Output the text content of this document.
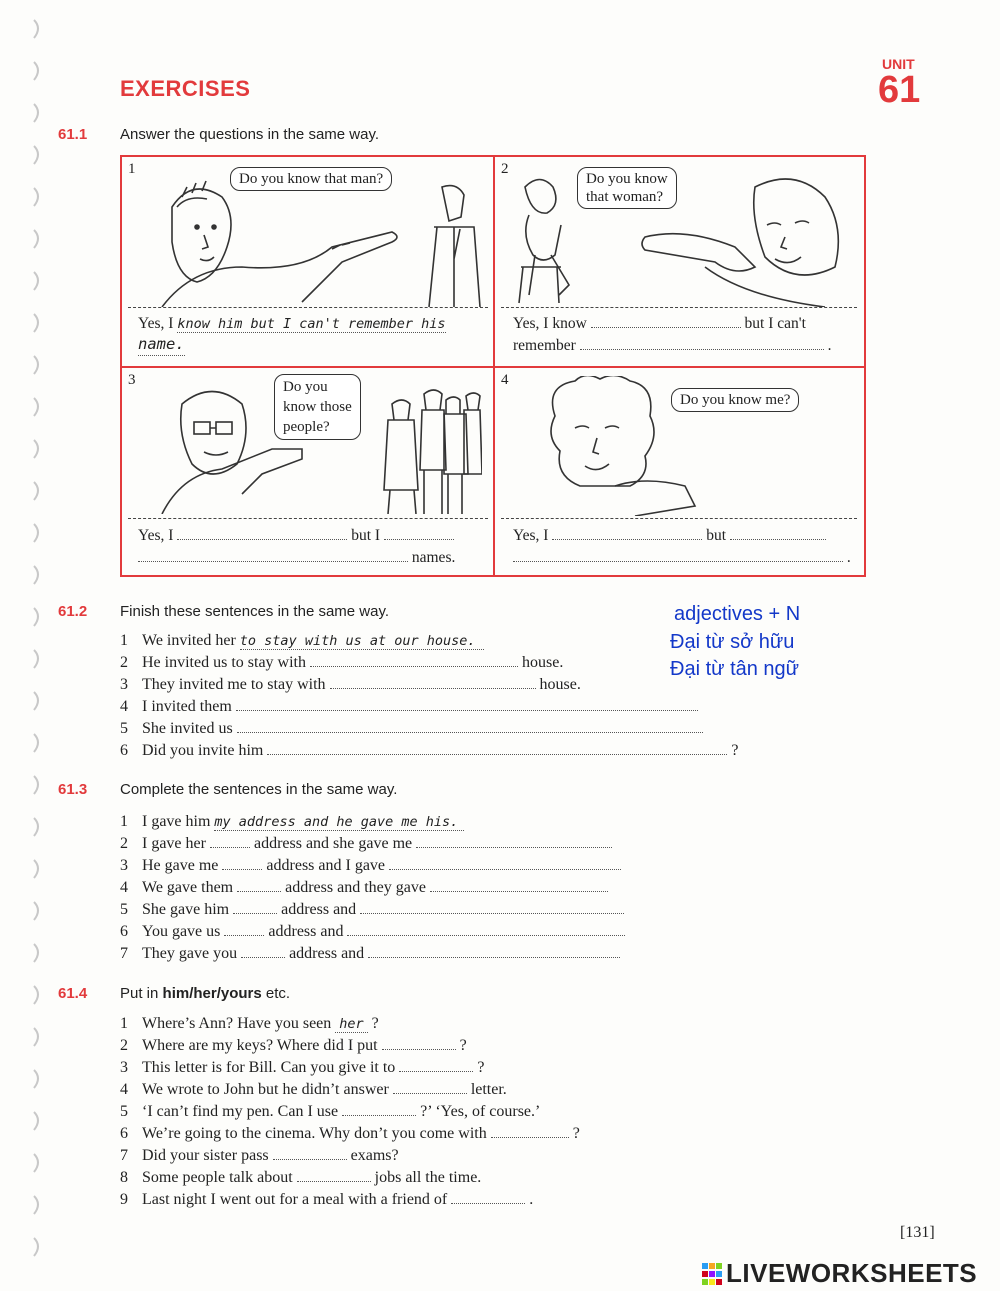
EXERCISES
UNIT
61
61.1 Answer the questions in the same way.
1
Do you know that man?
Yes, I know him but I can't remember his
name.
2
Do you know
that woman?
Yes, I know	but I can't
remember	.
3	Do you
know those
people?
Yes, I	but I
names.
4
Do you know me?
Yes, I	but
.
61.2 Finish these sentences in the same way.
1 We invited her to stay with us at our house.
2 He invited us to stay with	house.
3 They invited me to stay with	house.
4 I invited them
5 She invited us
6 Did you invite him	?
adjectives + N
Đại từ sở hữu
Đại từ tân ngữ
61.3 Complete the sentences in the same way.
1 I gave him my address and he gave me his.
2 I gave her	address and she gave me
3 He gave me	address and I gave
4 We gave them	address and they gave
5 She gave him	address and
6 You gave us	address and
7 They gave you	address and
61.4 Put in him/her/yours etc.
1 Where’s Ann? Have you seen her ?
2 Where are my keys? Where did I put	?
3 This letter is for Bill. Can you give it to	?
4 We wrote to John but he didn’t answer	letter.
5 ‘I can’t find my pen. Can I use	?’ ‘Yes, of course.’
6 We’re going to the cinema. Why don’t you come with	?
7 Did your sister pass	exams?
8 Some people talk about	jobs all the time.
9 Last night I went out for a meal with a friend of	.
[131]
LIVEWORKSHEETS
